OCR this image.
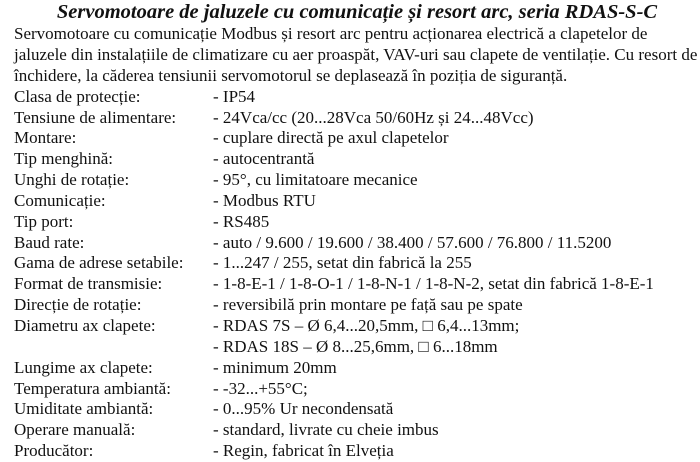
Servomotoare de jaluzele cu comunicație și resort arc, seria RDAS-S-C

Servomotoare cu comunicație Modbus și resort arc pentru acționarea electrică a clapetelor de jaluzele din instalațiile de climatizare cu aer proaspăt, VAV-uri sau clapete de ventilație. Cu resort de închidere, la căderea tensiunii servomotorul se deplasează în poziția de siguranță.

Clasa de protecție:	- IP54
Tensiune de alimentare:	- 24Vca/cc (20...28Vca 50/60Hz și 24...48Vcc)
Montare:	- cuplare directă pe axul clapetelor
Tip menghină:	- autocentrantă
Unghi de rotație:	- 95°, cu limitatoare mecanice
Comunicație:	- Modbus RTU
Tip port:	- RS485
Baud rate:	- auto / 9.600 / 19.600 / 38.400 / 57.600 / 76.800 / 11.5200
Gama de adrese setabile:	- 1...247 / 255, setat din fabrică la 255
Format de transmisie:	- 1-8-E-1 / 1-8-O-1 / 1-8-N-1 / 1-8-N-2, setat din fabrică 1-8-E-1
Direcție de rotație:	- reversibilă prin montare pe față sau pe spate
Diametru ax clapete:	- RDAS 7S – Ø 6,4...20,5mm, □ 6,4...13mm;
- RDAS 18S – Ø 8...25,6mm, □ 6...18mm
Lungime ax clapete:	- minimum 20mm
Temperatura ambiantă:	- -32...+55°C;
Umiditate ambiantă:	- 0...95% Ur necondensată
Operare manuală:	- standard, livrate cu cheie imbus
Producător:	- Regin, fabricat în Elveția
